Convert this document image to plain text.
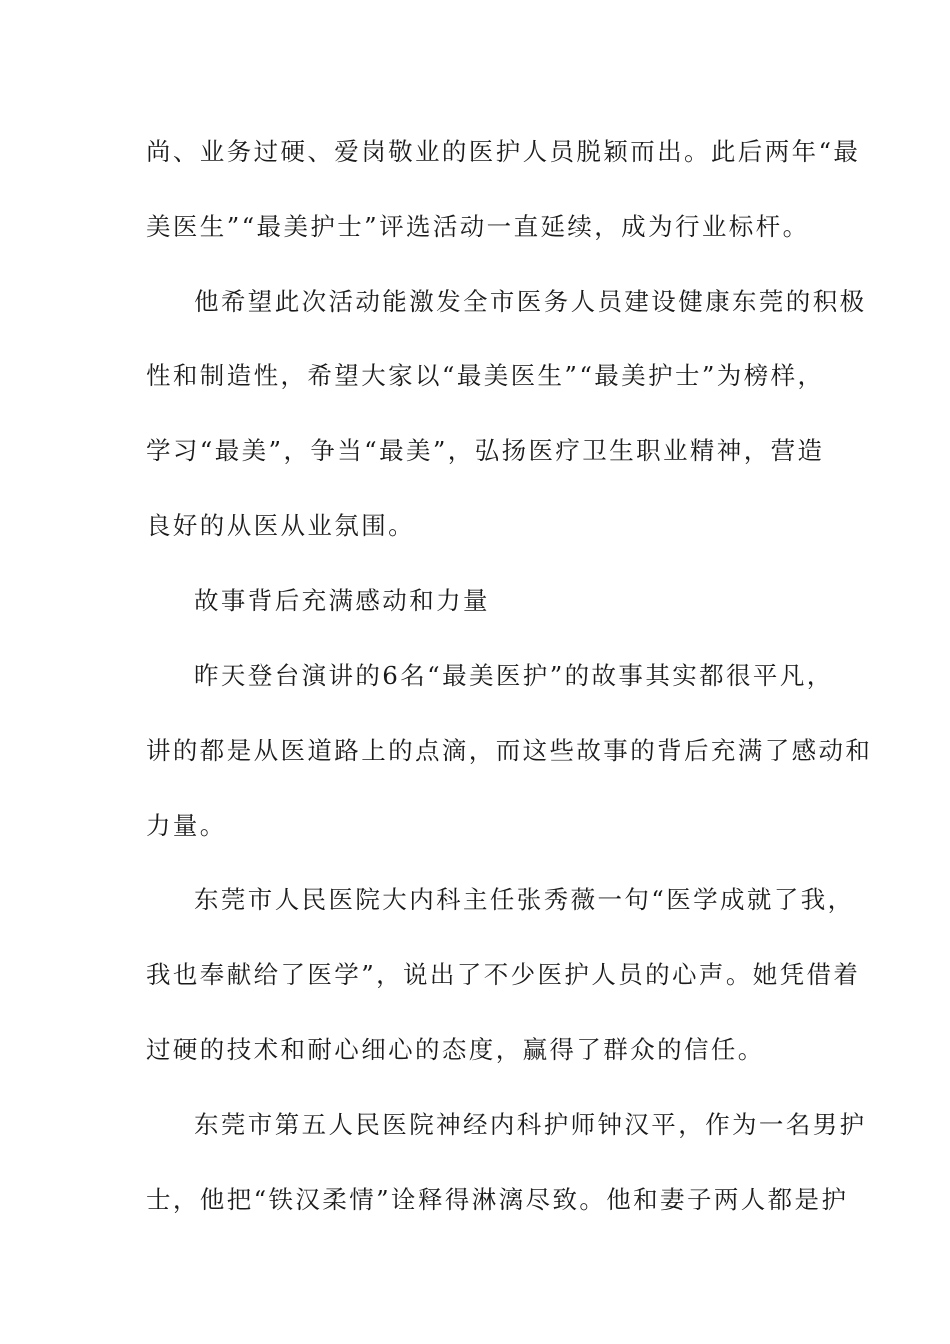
尚、业务过硬、爱岗敬业的医护人员脱颖而出。此后两年“最
美医生”“最美护士”评选活动一直延续，成为行业标杆。
他希望此次活动能激发全市医务人员建设健康东莞的积极
性和制造性，希望大家以“最美医生”“最美护士”为榜样，
学习“最美”，争当“最美”，弘扬医疗卫生职业精神，营造
良好的从医从业氛围。
故事背后充满感动和力量
昨天登台演讲的6名“最美医护”的故事其实都很平凡，
讲的都是从医道路上的点滴，而这些故事的背后充满了感动和
力量。
东莞市人民医院大内科主任张秀薇一句“医学成就了我，
我也奉献给了医学”，说出了不少医护人员的心声。她凭借着
过硬的技术和耐心细心的态度，赢得了群众的信任。
东莞市第五人民医院神经内科护师钟汉平，作为一名男护
士，他把“铁汉柔情”诠释得淋漓尽致。他和妻子两人都是护
